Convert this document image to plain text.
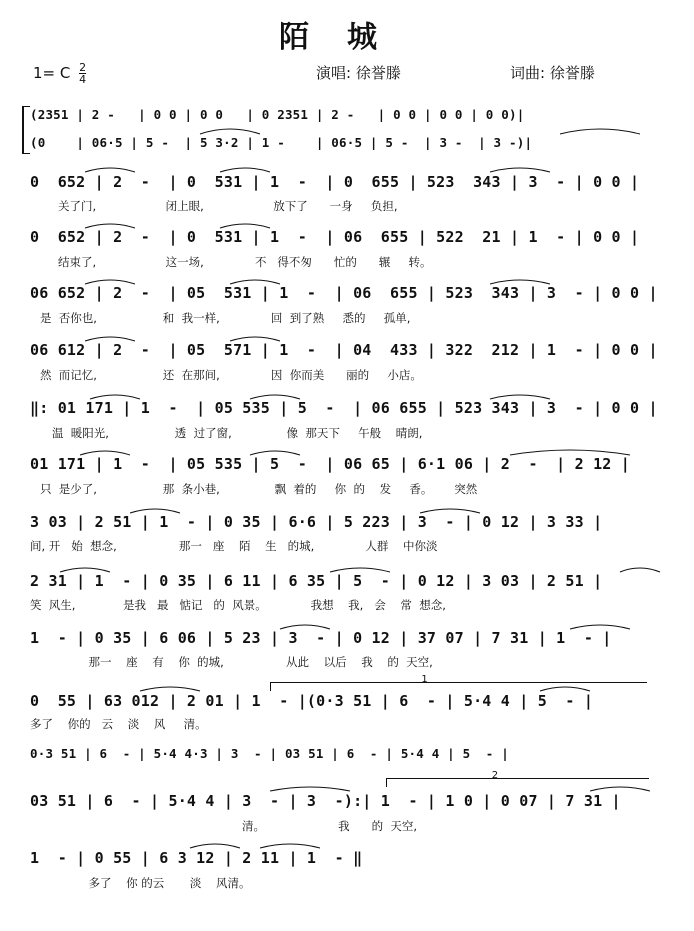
陌城
1= C $\frac{2}{4}$	演唱: 徐誉滕	词曲: 徐誉滕
(2351 | 2 -   | 0 0 | 0 0   | 0 2351 | 2 -   | 0 0 | 0 0 | 0 0)|
(0    | 06·5 | 5 -  | 5 3·2 | 1 -    | 06·5 | 5 -  | 3 -  | 3 -)|
0  652 | 2  -  | 0  531 | 1  -  | 0  655 | 523  343 | 3  - | 0 0 |
关了门,                   闭上眼,                   放下了      一身     负担,
0  652 | 2  -  | 0  531 | 1  -  | 06  655 | 522  21 | 1  - | 0 0 |
结束了,                   这一场,              不   得不匆      忙的      辗     转。
06 652 | 2  -  | 05  531 | 1  -  | 06  655 | 523  343 | 3  - | 0 0 |
是  否你也,                  和  我一样,              回  到了熟     悉的     孤单,
06 612 | 2  -  | 05  571 | 1  -  | 04  433 | 322  212 | 1  - | 0 0 |
然  而记忆,                  还  在那间,              因  你而美      丽的     小店。
‖: 01 171 | 1  -  | 05 535 | 5  -  | 06 655 | 523 343 | 3  - | 0 0 |
温  暖阳光,                  透  过了窗,               像  那天下     午般    晴朗,
01 171 | 1  -  | 05 535 | 5  -  | 06 65 | 6·1 06 | 2  -  | 2 12 |
只  是少了,                  那  条小巷,               飘  着的     你  的    发     香。      突然
3 03 | 2 51 | 1  - | 0 35 | 6·6 | 5 223 | 3  - | 0 12 | 3 33 |
间, 开   始  想念,                 那一   座    陌    生   的城,              人群    中你淡
2 31 | 1  - | 0 35 | 6 11 | 6 35 | 5  - | 0 12 | 3 03 | 2 51 |
笑  风生,             是我   最   惦记   的  风景。            我想    我,   会    常  想念,
1  - | 0 35 | 6 06 | 5 23 | 3  - | 0 12 | 37 07 | 7 31 | 1  - |
那一    座    有    你  的城,                 从此    以后    我    的  天空,
1
0  55 | 63 012 | 2 01 | 1  - |(0·3 51 | 6  - | 5·4 4 | 5  - |
多了    你的   云    淡    风     清。
0·3 51 | 6  - | 5·4 4·3 | 3  - | 03 51 | 6  - | 5·4 4 | 5  - |
2
03 51 | 6  - | 5·4 4 | 3  - | 3  -):| 1  - | 1 0 | 0 07 | 7 31 |
清。                    我      的  天空,
1  - | 0 55 | 6 3 12 | 2 11 | 1  - ‖
多了    你 的云       淡    风清。
